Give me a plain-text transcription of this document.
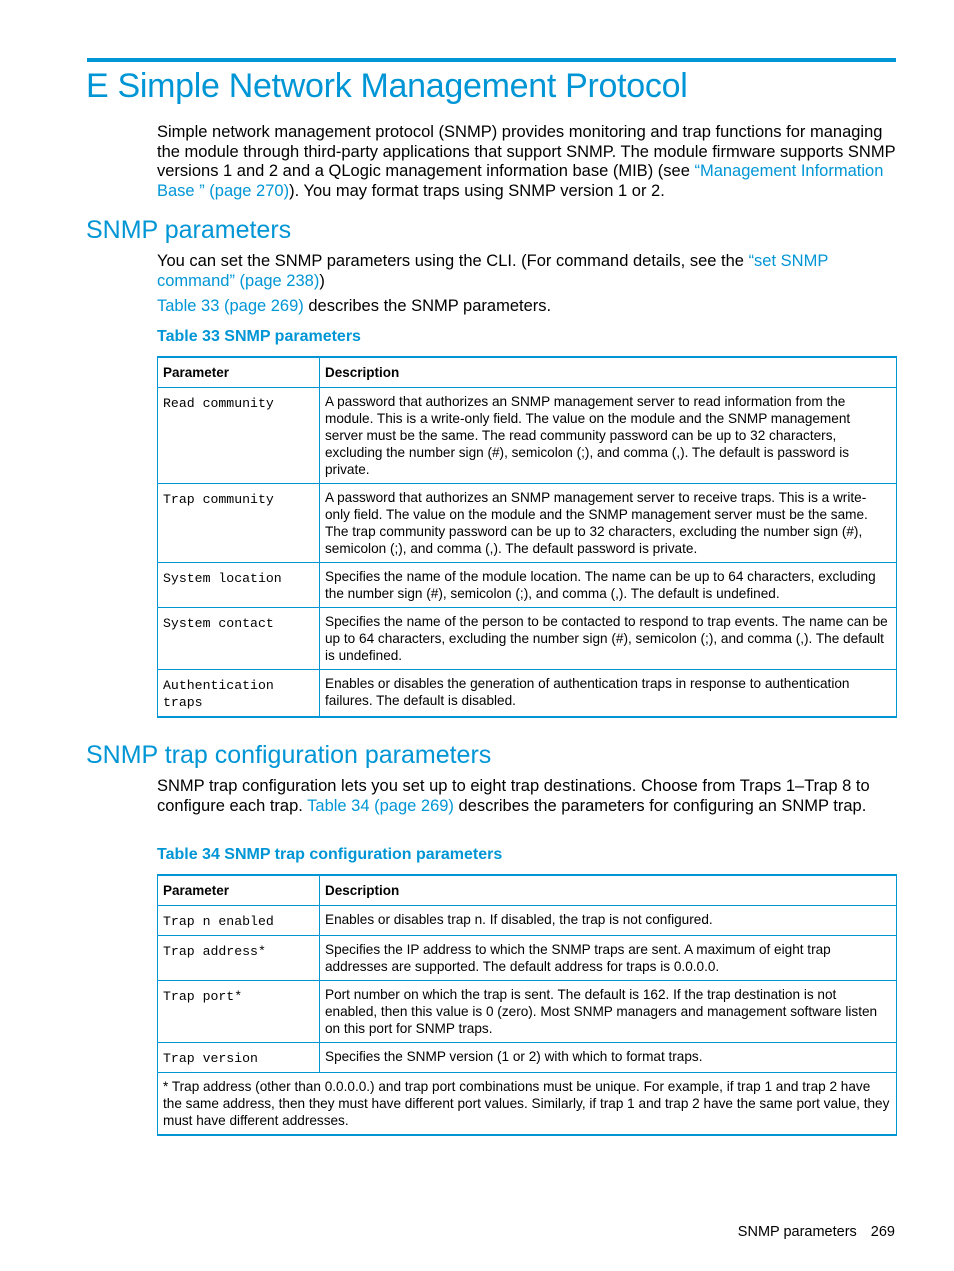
E Simple Network Management Protocol

Simple network management protocol (SNMP) provides monitoring and trap functions for managing the module through third-party applications that support SNMP. The module firmware supports SNMP versions 1 and 2 and a QLogic management information base (MIB) (see “Management Information Base ” (page 270)). You may format traps using SNMP version 1 or 2.

SNMP parameters

You can set the SNMP parameters using the CLI. (For command details, see the “set SNMP command” (page 238))

Table 33 (page 269) describes the SNMP parameters.

Table 33 SNMP parameters

Parameter	Description
Read community	A password that authorizes an SNMP management server to read information from the module. This is a write-only field. The value on the module and the SNMP management server must be the same. The read community password can be up to 32 characters, excluding the number sign (#), semicolon (;), and comma (,). The default is password is private.
Trap community	A password that authorizes an SNMP management server to receive traps. This is a write-only field. The value on the module and the SNMP management server must be the same. The trap community password can be up to 32 characters, excluding the number sign (#), semicolon (;), and comma (,). The default password is private.
System location	Specifies the name of the module location. The name can be up to 64 characters, excluding the number sign (#), semicolon (;), and comma (,). The default is undefined.
System contact	Specifies the name of the person to be contacted to respond to trap events. The name can be up to 64 characters, excluding the number sign (#), semicolon (;), and comma (,). The default is undefined.
Authentication traps	Enables or disables the generation of authentication traps in response to authentication failures. The default is disabled.
SNMP trap configuration parameters

SNMP trap configuration lets you set up to eight trap destinations. Choose from Traps 1–Trap 8 to configure each trap. Table 34 (page 269) describes the parameters for configuring an SNMP trap.

Table 34 SNMP trap configuration parameters

Parameter	Description
Trap n enabled	Enables or disables trap n. If disabled, the trap is not configured.
Trap address*	Specifies the IP address to which the SNMP traps are sent. A maximum of eight trap addresses are supported. The default address for traps is 0.0.0.0.
Trap port*	Port number on which the trap is sent. The default is 162. If the trap destination is not enabled, then this value is 0 (zero). Most SNMP managers and management software listen on this port for SNMP traps.
Trap version	Specifies the SNMP version (1 or 2) with which to format traps.
* Trap address (other than 0.0.0.0.) and trap port combinations must be unique. For example, if trap 1 and trap 2 have the same address, then they must have different port values. Similarly, if trap 1 and trap 2 have the same port value, they must have different addresses.	
SNMP parameters 269
